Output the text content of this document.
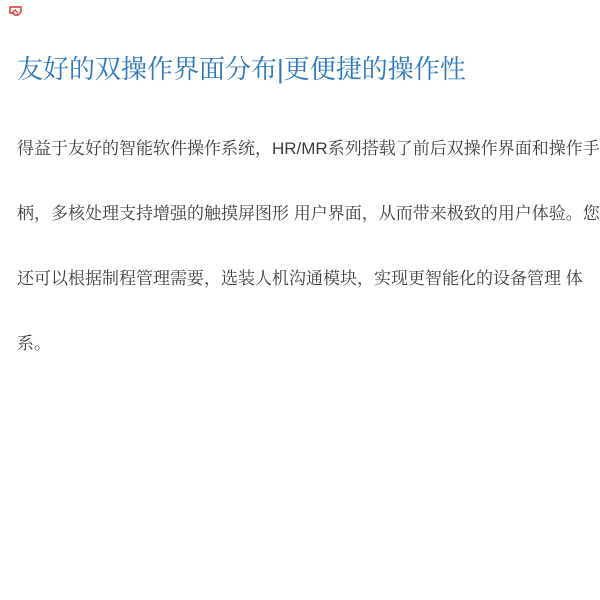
友好的双操作界面分布|更便捷的操作性
得益于友好的智能软件操作系统，HR/MR系列搭载了前后双操作界面和操作手
柄，多核处理支持增强的触摸屏图形 用户界面，从而带来极致的用户体验。您
还可以根据制程管理需要，选装人机沟通模块，实现更智能化的设备管理 体
系。
